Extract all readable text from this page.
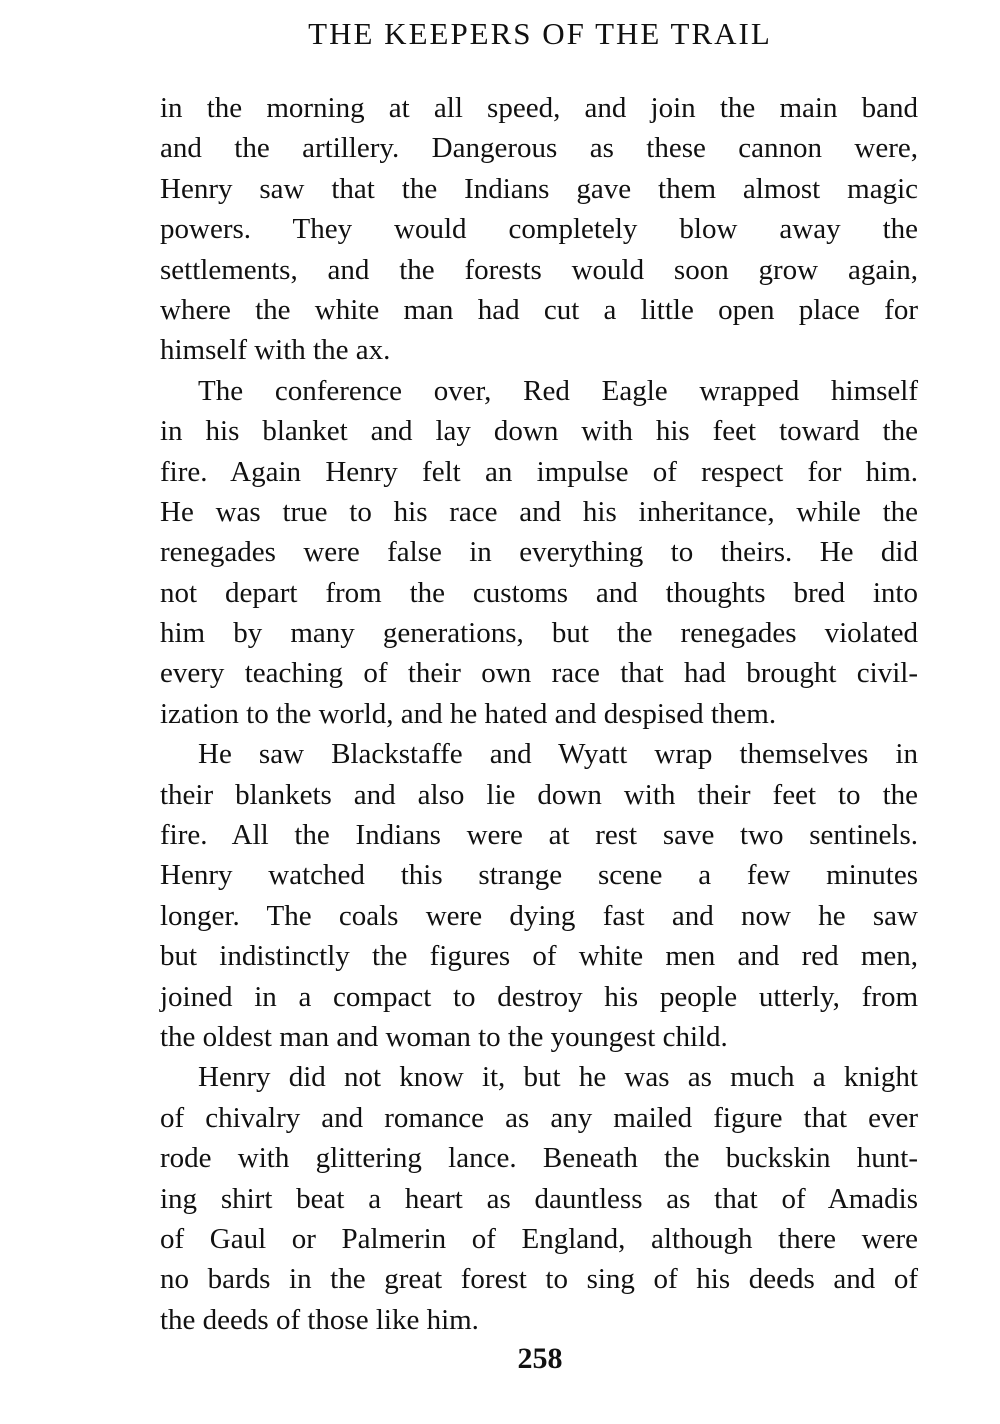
THE KEEPERS OF THE TRAIL
in the morning at all speed, and join the main band
and the artillery. Dangerous as these cannon were,
Henry saw that the Indians gave them almost magic
powers. They would completely blow away the
settlements, and the forests would soon grow again,
where the white man had cut a little open place for
himself with the ax.
The conference over, Red Eagle wrapped himself
in his blanket and lay down with his feet toward the
fire. Again Henry felt an impulse of respect for him.
He was true to his race and his inheritance, while the
renegades were false in everything to theirs. He did
not depart from the customs and thoughts bred into
him by many generations, but the renegades violated
every teaching of their own race that had brought civil-
ization to the world, and he hated and despised them.
He saw Blackstaffe and Wyatt wrap themselves in
their blankets and also lie down with their feet to the
fire. All the Indians were at rest save two sentinels.
Henry watched this strange scene a few minutes
longer. The coals were dying fast and now he saw
but indistinctly the figures of white men and red men,
joined in a compact to destroy his people utterly, from
the oldest man and woman to the youngest child.
Henry did not know it, but he was as much a knight
of chivalry and romance as any mailed figure that ever
rode with glittering lance. Beneath the buckskin hunt-
ing shirt beat a heart as dauntless as that of Amadis
of Gaul or Palmerin of England, although there were
no bards in the great forest to sing of his deeds and of
the deeds of those like him.
258
